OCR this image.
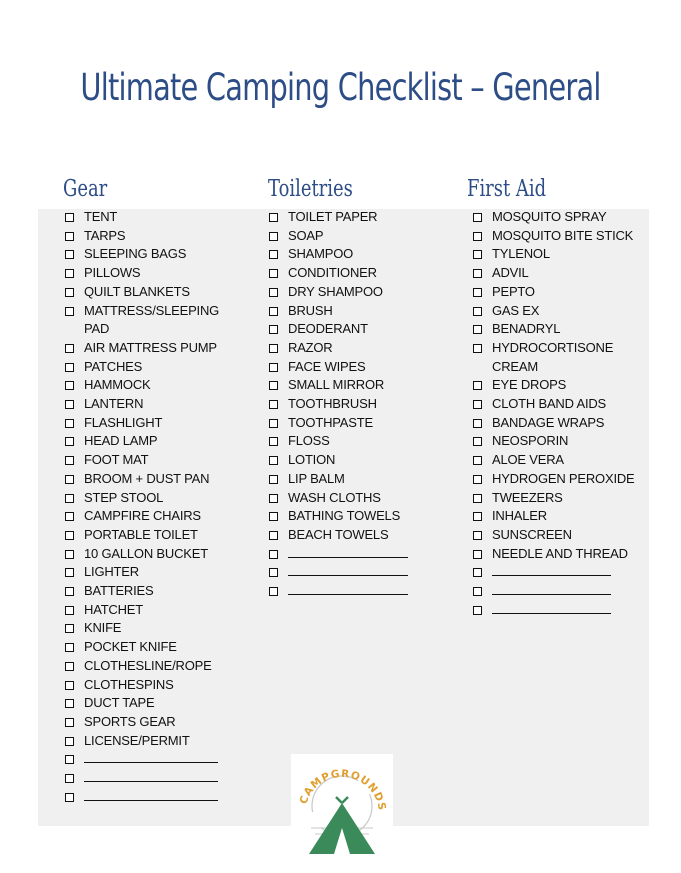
Ultimate Camping Checklist – General
Gear	Toiletries	First Aid
TENT
TARPS
SLEEPING BAGS
PILLOWS
QUILT BLANKETS
MATTRESS/SLEEPING PAD
AIR MATTRESS PUMP
PATCHES
HAMMOCK
LANTERN
FLASHLIGHT
HEAD LAMP
FOOT MAT
BROOM + DUST PAN
STEP STOOL
CAMPFIRE CHAIRS
PORTABLE TOILET
10 GALLON BUCKET
LIGHTER
BATTERIES
HATCHET
KNIFE
POCKET KNIFE
CLOTHESLINE/ROPE
CLOTHESPINS
DUCT TAPE
SPORTS GEAR
LICENSE/PERMIT
TOILET PAPER
SOAP
SHAMPOO
CONDITIONER
DRY SHAMPOO
BRUSH
DEODERANT
RAZOR
FACE WIPES
SMALL MIRROR
TOOTHBRUSH
TOOTHPASTE
FLOSS
LOTION
LIP BALM
WASH CLOTHS
BATHING TOWELS
BEACH TOWELS
MOSQUITO SPRAY
MOSQUITO BITE STICK
TYLENOL
ADVIL
PEPTO
GAS EX
BENADRYL
HYDROCORTISONE CREAM
EYE DROPS
CLOTH BAND AIDS
BANDAGE WRAPS
NEOSPORIN
ALOE VERA
HYDROGEN PEROXIDE
TWEEZERS
INHALER
SUNSCREEN
NEEDLE AND THREAD
CAMPGROUNDS
